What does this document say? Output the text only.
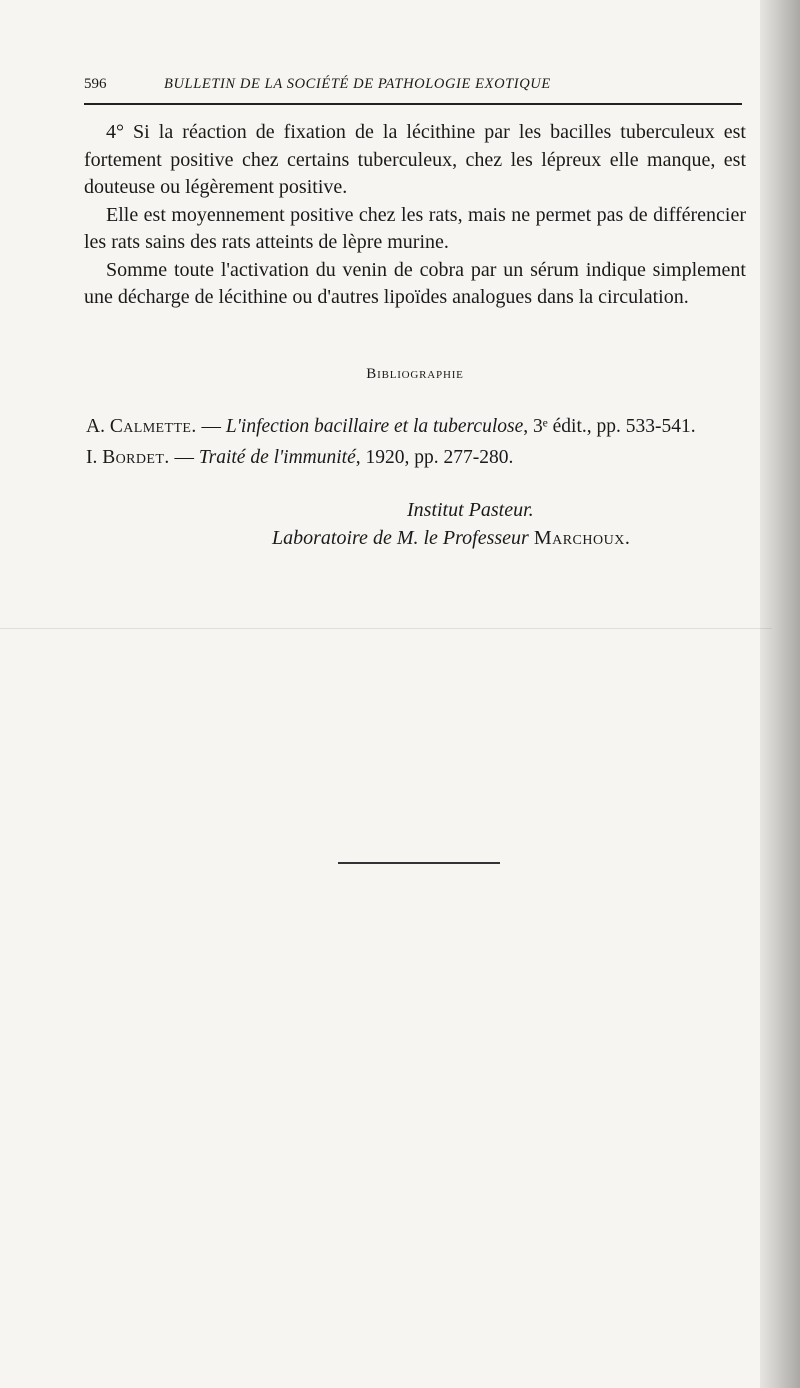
596	BULLETIN DE LA SOCIÉTÉ DE PATHOLOGIE EXOTIQUE

4° Si la réaction de fixation de la lécithine par les bacilles tuberculeux est fortement positive chez certains tuberculeux, chez les lépreux elle manque, est douteuse ou légèrement positive.

Elle est moyennement positive chez les rats, mais ne permet pas de différencier les rats sains des rats atteints de lèpre murine.

Somme toute l'activation du venin de cobra par un sérum indique simplement une décharge de lécithine ou d'autres lipoïdes analogues dans la circulation.

Bibliographie
A. Calmette. — L'infection bacillaire et la tuberculose, 3ᵉ édit., pp. 533-541.
I. Bordet. — Traité de l'immunité, 1920, pp. 277-280.
Institut Pasteur.
Laboratoire de M. le Professeur Marchoux.
